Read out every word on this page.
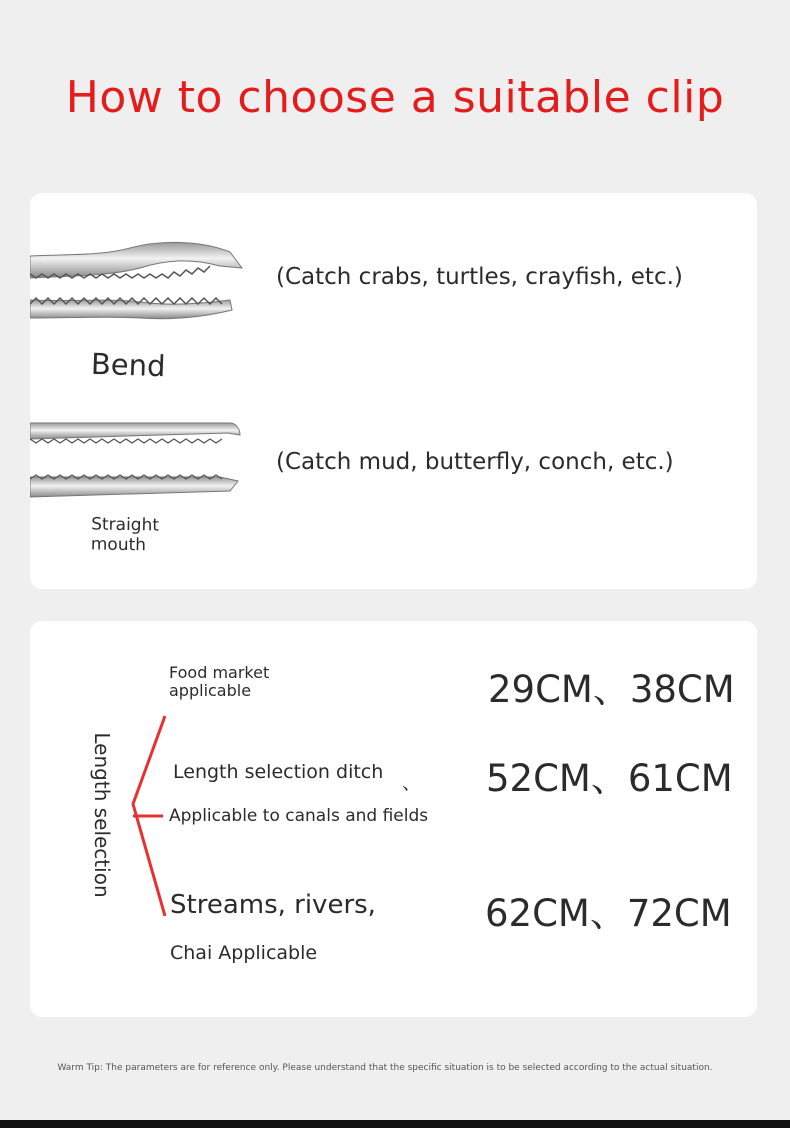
How to choose a suitable clip
(Catch crabs, turtles, crayfish, etc.)
Bend
(Catch mud, butterfly, conch, etc.)
Straight
mouth
Length selection
Food market
applicable	29CM、38CM
Length selection ditch 、
Applicable to canals and fields
52CM、61CM
Streams, rivers,
Chai Applicable
62CM、72CM
Warm Tip: The parameters are for reference only. Please understand that the specific situation is to be selected according to the actual situation.
